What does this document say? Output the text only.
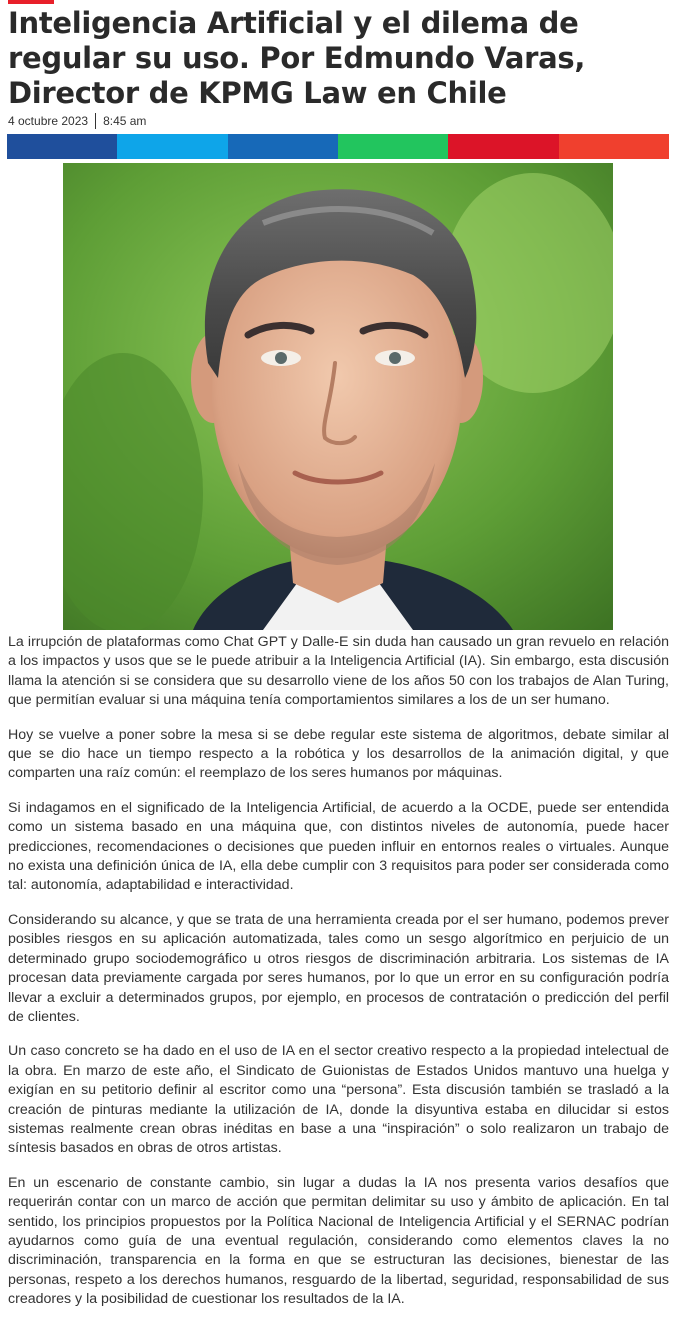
Inteligencia Artificial y el dilema de regular su uso. Por Edmundo Varas, Director de KPMG Law en Chile
4 octubre 2023 8:45 am

La irrupción de plataformas como Chat GPT y Dalle-E sin duda han causado un gran revuelo en relación a los impactos y usos que se le puede atribuir a la Inteligencia Artificial (IA). Sin embargo, esta discusión llama la atención si se considera que su desarrollo viene de los años 50 con los trabajos de Alan Turing, que permitían evaluar si una máquina tenía comportamientos similares a los de un ser humano.

Hoy se vuelve a poner sobre la mesa si se debe regular este sistema de algoritmos, debate similar al que se dio hace un tiempo respecto a la robótica y los desarrollos de la animación digital, y que comparten una raíz común: el reemplazo de los seres humanos por máquinas.

Si indagamos en el significado de la Inteligencia Artificial, de acuerdo a la OCDE, puede ser entendida como un sistema basado en una máquina que, con distintos niveles de autonomía, puede hacer predicciones, recomendaciones o decisiones que pueden influir en entornos reales o virtuales. Aunque no exista una definición única de IA, ella debe cumplir con 3 requisitos para poder ser considerada como tal: autonomía, adaptabilidad e interactividad.

Considerando su alcance, y que se trata de una herramienta creada por el ser humano, podemos prever posibles riesgos en su aplicación automatizada, tales como un sesgo algorítmico en perjuicio de un determinado grupo sociodemográfico u otros riesgos de discriminación arbitraria. Los sistemas de IA procesan data previamente cargada por seres humanos, por lo que un error en su configuración podría llevar a excluir a determinados grupos, por ejemplo, en procesos de contratación o predicción del perfil de clientes.

Un caso concreto se ha dado en el uso de IA en el sector creativo respecto a la propiedad intelectual de la obra. En marzo de este año, el Sindicato de Guionistas de Estados Unidos mantuvo una huelga y exigían en su petitorio definir al escritor como una “persona”. Esta discusión también se trasladó a la creación de pinturas mediante la utilización de IA, donde la disyuntiva estaba en dilucidar si estos sistemas realmente crean obras inéditas en base a una “inspiración” o solo realizaron un trabajo de síntesis basados en obras de otros artistas.

En un escenario de constante cambio, sin lugar a dudas la IA nos presenta varios desafíos que requerirán contar con un marco de acción que permitan delimitar su uso y ámbito de aplicación. En tal sentido, los principios propuestos por la Política Nacional de Inteligencia Artificial y el SERNAC podrían ayudarnos como guía de una eventual regulación, considerando como elementos claves la no discriminación, transparencia en la forma en que se estructuran las decisiones, bienestar de las personas, respeto a los derechos humanos, resguardo de la libertad, seguridad, responsabilidad de sus creadores y la posibilidad de cuestionar los resultados de la IA.
